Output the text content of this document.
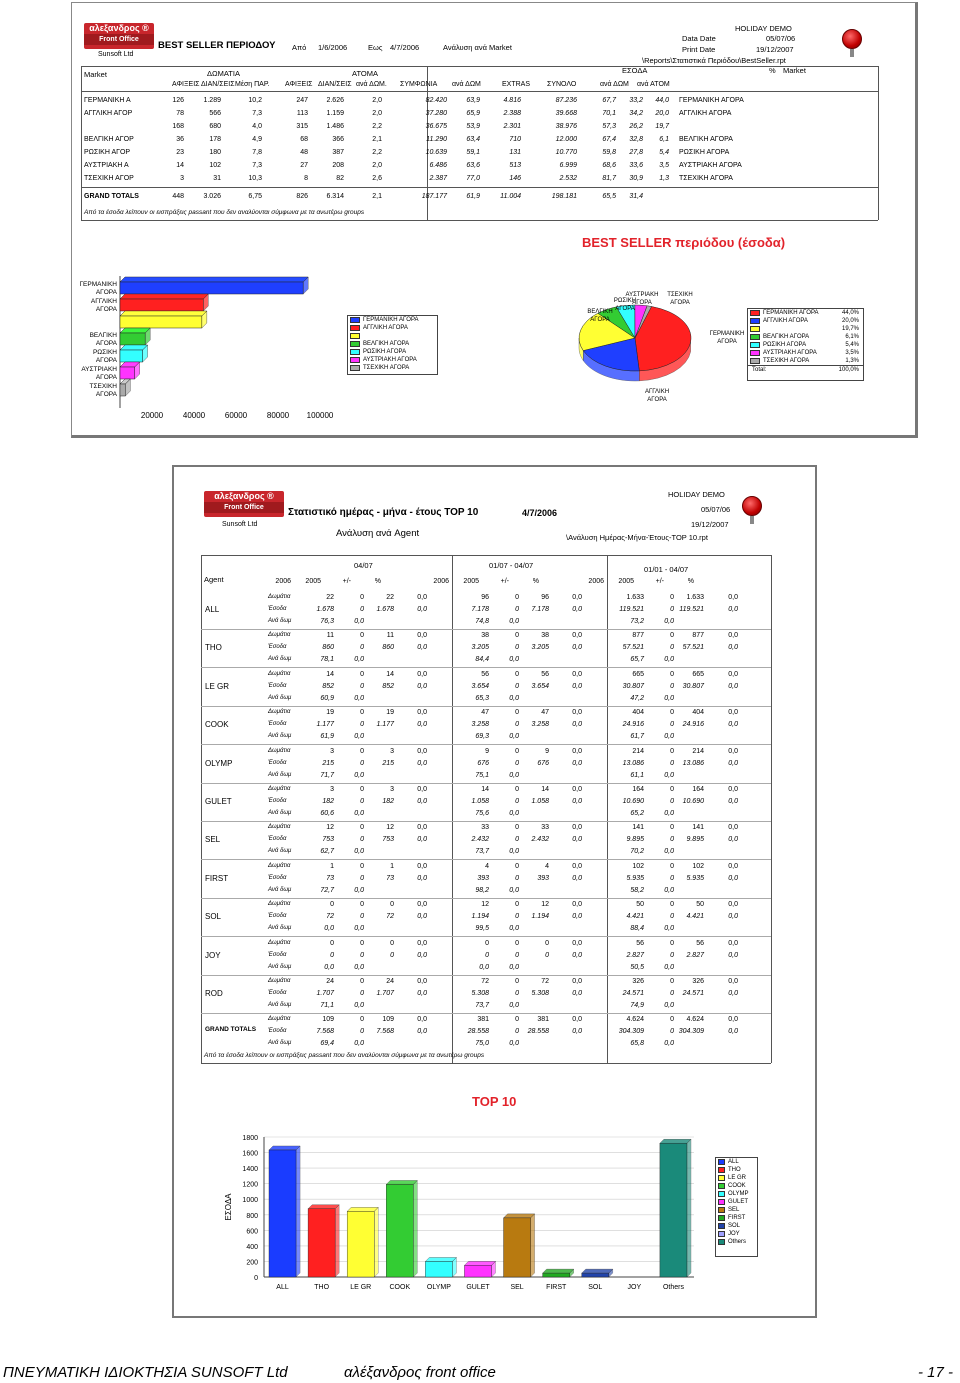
αλεξανδρος ®
Front Office
Sunsoft Ltd
BEST SELLER ΠΕΡΙΟΔΟΥ Από 1/6/2006	Εως 4/7/2006	Ανάλυση ανά Market
HOLIDAY DEMO
Data Date	05/07/06
Print Date	19/12/2007
\Reports\Στατιστικά Περιόδου\BestSeller.rpt
Market	ΔΩΜΑΤΙΑ	ΑΤΟΜΑ	ΕΣΟΔΑ	% Market
ΑΦΙΞΕΙΣ ΔΙΑΝ/ΣΕΙΣ Μέση ΠΑΡ. ΑΦΙΞΕΙΣ ΔΙΑΝ/ΣΕΙΣ ανά ΔΩΜ. ΣΥΜΦΩΝΙΑ ανά ΔΩΜ	EXTRAS ΣΥΝΟΛΟ	ανά ΔΩΜ ανά ΑΤΟΜ
ΓΕΡΜΑΝΙΚΗ Α	126	1.289	10,2	247	2.626	2,0	82.420	63,9	4.816	87.236	67,7 33,2 44,0 ΓΕΡΜΑΝΙΚΗ ΑΓΟΡΑ
ΑΓΓΛΙΚΗ ΑΓΟΡ	78	566	7,3	113	1.159	2,0	37.280	65,9	2.388	39.668	70,1 34,2 20,0 ΑΓΓΛΙΚΗ ΑΓΟΡΑ
168	680	4,0	315	1.486	2,2	36.675	53,9	2.301	38.976	57,3 26,2 19,7
ΒΕΛΓΙΚΗ ΑΓΟΡ	36	178	4,9	68	366	2,1	11.290	63,4	710	12.000	67,4 32,8 6,1 ΒΕΛΓΙΚΗ ΑΓΟΡΑ
ΡΩΣΙΚΗ ΑΓΟΡ	23	180	7,8	48	387	2,2	10.639	59,1	131	10.770	59,8 27,8 5,4 ΡΩΣΙΚΗ ΑΓΟΡΑ
ΑΥΣΤΡΙΑΚΗ Α	14	102	7,3	27	208	2,0	6.486	63,6	513	6.999	68,6 33,6 3,5 ΑΥΣΤΡΙΑΚΗ ΑΓΟΡΑ
ΤΣΕΧΙΚΗ ΑΓΟΡ	3	31	10,3	8	82	2,6	2.387	77,0	146	2.532	81,7 30,9 1,3 ΤΣΕΧΙΚΗ ΑΓΟΡΑ
GRAND TOTALS	448	3.026	6,75	826	6.314	2,1	187.177	61,9	11.004	198.181	65,5 31,4
Από τα έσοδα λείπουν οι εισπράξεις passant που δεν αναλύονται σύμφωνα με τα ανωτέρω groups
BEST SELLER περιόδου (έσοδα)
ΓΕΡΜΑΝΙΚΗ
ΑΓΟΡΑ
ΑΓΓΛΙΚΗ
ΑΓΟΡΑ
ΒΕΛΓΙΚΗ
ΑΓΟΡΑ
ΡΩΣΙΚΗ
ΑΓΟΡΑ
ΑΥΣΤΡΙΑΚΗ
ΑΓΟΡΑ
ΤΣΕΧΙΚΗ
ΑΓΟΡΑ
20000 40000 60000 80000 100000
ΓΕΡΜΑΝΙΚΗ ΑΓΟΡΑ
ΑΓΓΛΙΚΗ ΑΓΟΡΑ
ΒΕΛΓΙΚΗ ΑΓΟΡΑ
ΡΩΣΙΚΗ ΑΓΟΡΑ
ΑΥΣΤΡΙΑΚΗ ΑΓΟΡΑ
ΤΣΕΧΙΚΗ ΑΓΟΡΑ
ΓΕΡΜΑΝΙΚΗ
ΑΓΟΡΑ
ΑΓΓΛΙΚΗ
ΑΓΟΡΑ
ΒΕΛΓΙΚΗ
ΑΓΟΡΑ
ΡΩΣΙΚΗ
ΑΓΟΡΑ
ΑΥΣΤΡΙΑΚΗ
ΑΓΟΡΑ
ΤΣΕΧΙΚΗ
ΑΓΟΡΑ
ΓΕΡΜΑΝΙΚΗ ΑΓΟΡΑ	44,0%
ΑΓΓΛΙΚΗ ΑΓΟΡΑ	20,0%
19,7%
ΒΕΛΓΙΚΗ ΑΓΟΡΑ	6,1%
ΡΩΣΙΚΗ ΑΓΟΡΑ	5,4%
ΑΥΣΤΡΙΑΚΗ ΑΓΟΡΑ	3,5%
ΤΣΕΧΙΚΗ ΑΓΟΡΑ	1,3%
Total:	100,0%
αλεξανδρος ®
Front Office
Sunsoft Ltd
Στατιστικό ημέρας - μήνα - έτους TOP 10	4/7/2006
Ανάλυση ανά Agent
HOLIDAY DEMO
05/07/06
19/12/2007
\Ανάλυση Ημέρας-Μήνα-Έτους-TOP 10.rpt
04/07	01/07 - 04/07	01/01 - 04/07
Agent	2006 2005	+/-	%	2006 2005	+/-	%	2006 2005	+/-	%
ALL
Δωμάτια	22	0	22	0,0	96	0	96	0,0	1.633	0 1.633	0,0
Έσοδα	1.678	0 1.678	0,0	7.178	0 7.178	0,0	119.521	0 119.521	0,0
Ανά δωμ	76,3	0,0	74,8	0,0	73,2	0,0
THO
Δωμάτια	11	0	11	0,0	38	0	38	0,0	877	0	877	0,0
Έσοδα	860	0	860	0,0	3.205	0 3.205	0,0	57.521	0 57.521	0,0
Ανά δωμ	78,1	0,0	84,4	0,0	65,7	0,0
LE GR
Δωμάτια	14	0	14	0,0	56	0	56	0,0	665	0	665	0,0
Έσοδα	852	0	852	0,0	3.654	0 3.654	0,0	30.807	0 30.807	0,0
Ανά δωμ	60,9	0,0	65,3	0,0	47,2	0,0
COOK
Δωμάτια	19	0	19	0,0	47	0	47	0,0	404	0	404	0,0
Έσοδα	1.177	0 1.177	0,0	3.258	0 3.258	0,0	24.916	0 24.916	0,0
Ανά δωμ	61,9	0,0	69,3	0,0	61,7	0,0
OLYMP
Δωμάτια	3	0	3	0,0	9	0	9	0,0	214	0	214	0,0
Έσοδα	215	0	215	0,0	676	0	676	0,0	13.086	0 13.086	0,0
Ανά δωμ	71,7	0,0	75,1	0,0	61,1	0,0
GULET
Δωμάτια	3	0	3	0,0	14	0	14	0,0	164	0	164	0,0
Έσοδα	182	0	182	0,0	1.058	0 1.058	0,0	10.690	0 10.690	0,0
Ανά δωμ	60,6	0,0	75,6	0,0	65,2	0,0
SEL
Δωμάτια	12	0	12	0,0	33	0	33	0,0	141	0	141	0,0
Έσοδα	753	0	753	0,0	2.432	0 2.432	0,0	9.895	0 9.895	0,0
Ανά δωμ	62,7	0,0	73,7	0,0	70,2	0,0
FIRST
Δωμάτια	1	0	1	0,0	4	0	4	0,0	102	0	102	0,0
Έσοδα	73	0	73	0,0	393	0	393	0,0	5.935	0 5.935	0,0
Ανά δωμ	72,7	0,0	98,2	0,0	58,2	0,0
SOL
Δωμάτια	0	0	0	0,0	12	0	12	0,0	50	0	50	0,0
Έσοδα	72	0	72	0,0	1.194	0 1.194	0,0	4.421	0 4.421	0,0
Ανά δωμ	0,0	0,0	99,5	0,0	88,4	0,0
JOY
Δωμάτια	0	0	0	0,0	0	0	0	0,0	56	0	56	0,0
Έσοδα	0	0	0	0,0	0	0	0	0,0	2.827	0 2.827	0,0
Ανά δωμ	0,0	0,0	0,0	0,0	50,5	0,0
ROD
Δωμάτια	24	0	24	0,0	72	0	72	0,0	326	0	326	0,0
Έσοδα	1.707	0 1.707	0,0	5.308	0 5.308	0,0	24.571	0 24.571	0,0
Ανά δωμ	71,1	0,0	73,7	0,0	74,9	0,0
GRAND TOTALS
Δωμάτια	109	0	109	0,0	381	0	381	0,0	4.624	0 4.624	0,0
Έσοδα	7.568	0 7.568	0,0	28.558	0 28.558	0,0	304.309	0 304.309	0,0
Ανά δωμ	69,4	0,0	75,0	0,0	65,8	0,0
Από τα έσοδα λείπουν οι εισπράξεις passant που δεν αναλύονται σύμφωνα με τα ανωτέρω groups
TOP 10
0
200
400
600
800
1000
1200
1400
1600
1800
ΕΣΟΔΑ
ALL	THO	LE GR	COOK OLYMP GULET	SEL	FIRST	SOL	JOY	Others
ALL
THO
LE GR
COOK
OLYMP
GULET
SEL
FIRST
SOL
JOY
Others
ΠΝΕΥΜΑΤΙΚΗ ΙΔΙΟΚΤΗΣΙΑ SUNSOFT Ltd	αλέξανδρος front office	- 17 -
